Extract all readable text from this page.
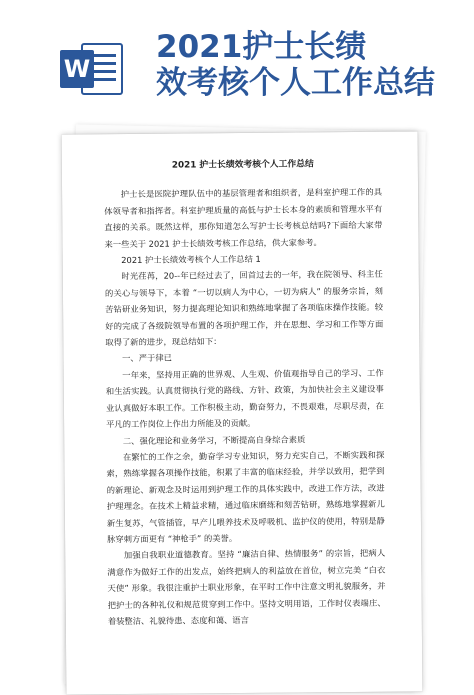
W
2021护士长绩
效考核个人工作总结
2021 护士长绩效考核个人工作总结

护士长是医院护理队伍中的基层管理者和组织者，是科室护理工作的具体领导者和指挥者。科室护理质量的高低与护士长本身的素质和管理水平有直接的关系。既然这样，那你知道怎么写护士长考核总结吗?下面给大家带来一些关于 2021 护士长绩效考核工作总结，供大家参考。

2021 护士长绩效考核个人工作总结 1

时光荏苒，20--年已经过去了，回首过去的一年，我在院领导、科主任的关心与领导下，本着 “一切以病人为中心，一切为病人” 的服务宗旨，刻苦钻研业务知识，努力提高理论知识和熟练地掌握了各项临床操作技能。较好的完成了各级院领导布置的各项护理工作，并在思想、学习和工作等方面取得了新的进步，现总结如下：

一、严于律已

一年来，坚持用正确的世界观、人生观、价值观指导自己的学习、工作和生活实践。认真贯彻执行党的路线、方针、政策，为加快社会主义建设事业认真做好本职工作。工作积极主动，勤奋努力，不畏艰难，尽职尽责，在平凡的工作岗位上作出力所能及的贡献。

二、强化理论和业务学习，不断提高自身综合素质

在繁忙的工作之余，勤奋学习专业知识，努力充实自己，不断实践和探索，熟练掌握各项操作技能，积累了丰富的临床经验，并学以致用，把学到的新理论、新观念及时运用到护理工作的具体实践中，改进工作方法，改进护理理念。在技术上精益求精，通过临床磨练和刻苦钻研，熟练地掌握新儿新生复苏，气管插管，早产儿喂养技术及呼吸机、监护仪的使用，特别是静脉穿刺方面更有 “神枪手” 的美誉。

加强自我职业道德教育。坚持 “廉洁自律、热情服务” 的宗旨，把病人满意作为做好工作的出发点，始终把病人的利益放在首位，树立完美 “白衣天使” 形象。我很注重护士职业形象，在平时工作中注意文明礼貌服务，并把护士的各种礼仪和规范贯穿到工作中。坚持文明用语，工作时仪表端庄、着装整洁、礼貌待患、态度和蔼、语言
